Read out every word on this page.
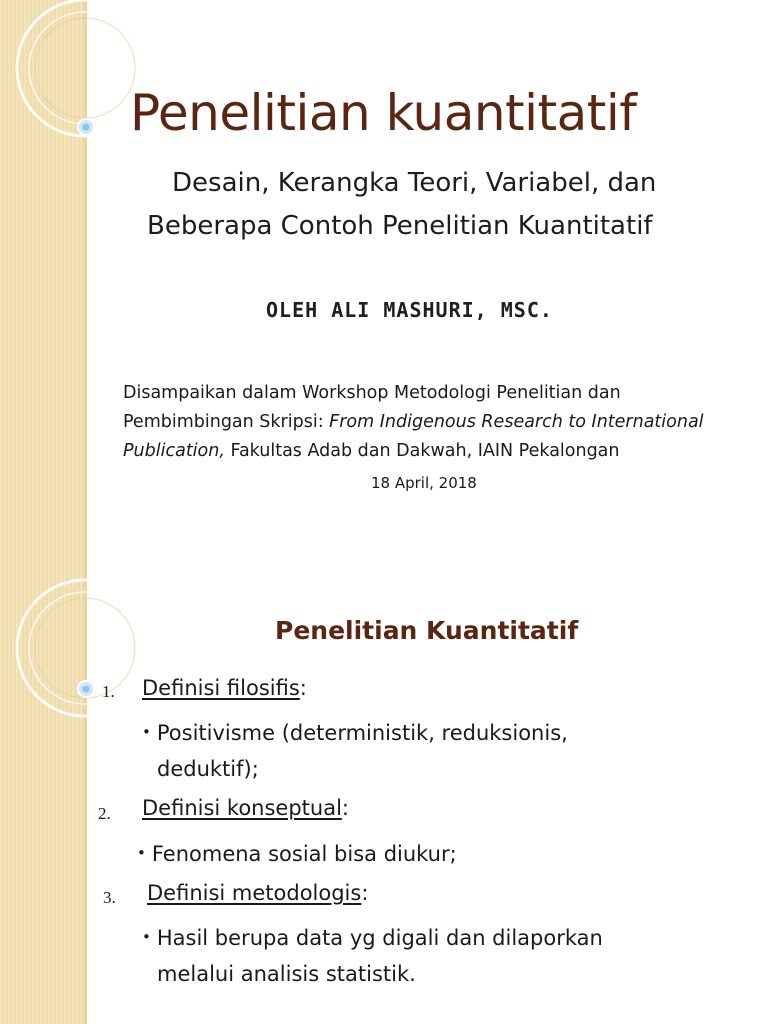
Penelitian kuantitatif
Desain, Kerangka Teori, Variabel, dan
Beberapa Contoh Penelitian Kuantitatif
OLEH ALI MASHURI, MSC.
Disampaikan dalam Workshop Metodologi Penelitian dan
Pembimbingan Skripsi: From Indigenous Research to International
Publication, Fakultas Adab dan Dakwah, IAIN Pekalongan
18 April, 2018
Penelitian Kuantitatif
1. Definisi filosifis:
• Positivisme (deterministik, reduksionis,
deduktif);
2. Definisi konseptual:
• Fenomena sosial bisa diukur;
3. Definisi metodologis:
• Hasil berupa data yg digali dan dilaporkan
melalui analisis statistik.
